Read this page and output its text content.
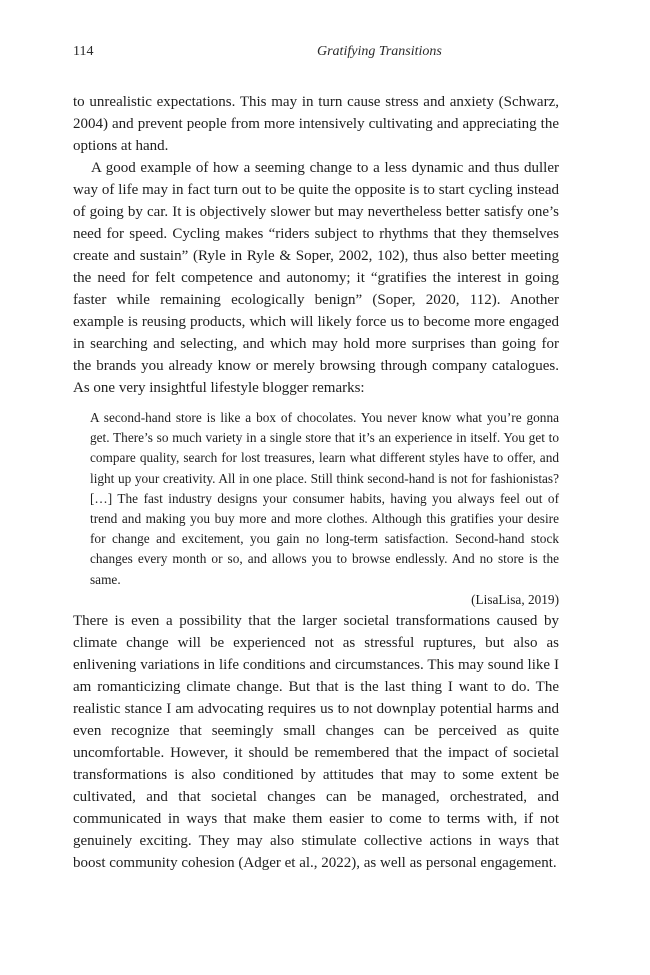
114	Gratifying Transitions

to unrealistic expectations. This may in turn cause stress and anxiety (Schwarz, 2004) and prevent people from more intensively cultivating and appreciating the options at hand.

A good example of how a seeming change to a less dynamic and thus duller way of life may in fact turn out to be quite the opposite is to start cycling instead of going by car. It is objectively slower but may nevertheless better satisfy one’s need for speed. Cycling makes “riders subject to rhythms that they themselves create and sustain” (Ryle in Ryle & Soper, 2002, 102), thus also better meeting the need for felt competence and autonomy; it “gratifies the interest in going faster while remaining ecologically benign” (Soper, 2020, 112). Another example is reusing products, which will likely force us to become more engaged in searching and selecting, and which may hold more surprises than going for the brands you already know or merely browsing through company catalogues. As one very insightful lifestyle blogger remarks:

A second-hand store is like a box of chocolates. You never know what you’re gonna get. There’s so much variety in a single store that it’s an experience in itself. You get to compare quality, search for lost treasures, learn what different styles have to offer, and light up your creativity. All in one place. Still think second-hand is not for fashionistas? […] The fast industry designs your consumer habits, having you always feel out of trend and making you buy more and more clothes. Although this gratifies your desire for change and excitement, you gain no long-term satisfaction. Second-hand stock changes every month or so, and allows you to browse endlessly. And no store is the same.

(LisaLisa, 2019)

There is even a possibility that the larger societal transformations caused by climate change will be experienced not as stressful ruptures, but also as enlivening variations in life conditions and circumstances. This may sound like I am romanticizing climate change. But that is the last thing I want to do. The realistic stance I am advocating requires us to not downplay potential harms and even recognize that seemingly small changes can be perceived as quite uncomfortable. However, it should be remembered that the impact of societal transformations is also conditioned by attitudes that may to some extent be cultivated, and that societal changes can be managed, orchestrated, and communicated in ways that make them easier to come to terms with, if not genuinely exciting. They may also stimulate collective actions in ways that boost community cohesion (Adger et al., 2022), as well as personal engagement.
